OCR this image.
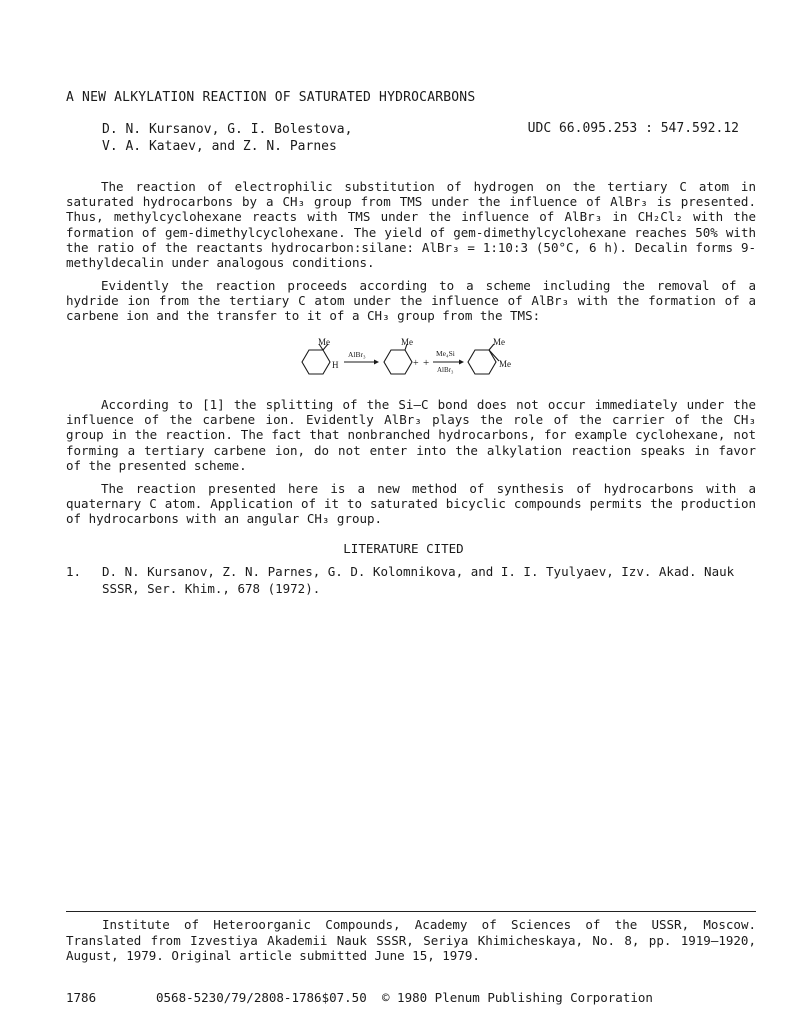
A NEW ALKYLATION REACTION OF SATURATED HYDROCARBONS
D. N. Kursanov, G. I. Bolestova,
V. A. Kataev, and Z. N. Parnes
UDC 66.095.253 : 547.592.12
The reaction of electrophilic substitution of hydrogen on the tertiary C atom in saturated hydrocarbons by a CH₃ group from TMS under the influence of AlBr₃ is presented. Thus, methylcyclohexane reacts with TMS under the influence of AlBr₃ in CH₂Cl₂ with the formation of gem-dimethylcyclohexane. The yield of gem-dimethylcyclohexane reaches 50% with the ratio of the reactants hydrocarbon:silane: AlBr₃ = 1:10:3 (50°C, 6 h). Decalin forms 9-methyldecalin under analogous conditions.
Evidently the reaction proceeds according to a scheme including the removal of a hydride ion from the tertiary C atom under the influence of AlBr₃ with the formation of a carbene ion and the transfer to it of a CH₃ group from the TMS:
Me
H
AlBr₃
Me
+ +
Me₄Si
AlBr₃
Me
Me
According to [1] the splitting of the Si–C bond does not occur immediately under the influence of the carbene ion. Evidently AlBr₃ plays the role of the carrier of the CH₃ group in the reaction. The fact that nonbranched hydrocarbons, for example cyclohexane, not forming a tertiary carbene ion, do not enter into the alkylation reaction speaks in favor of the presented scheme.
The reaction presented here is a new method of synthesis of hydrocarbons with a quaternary C atom. Application of it to saturated bicyclic compounds permits the production of hydrocarbons with an angular CH₃ group.
LITERATURE CITED
1. D. N. Kursanov, Z. N. Parnes, G. D. Kolomnikova, and I. I. Tyulyaev, Izv. Akad. Nauk SSSR, Ser. Khim., 678 (1972).
Institute of Heteroorganic Compounds, Academy of Sciences of the USSR, Moscow. Translated from Izvestiya Akademii Nauk SSSR, Seriya Khimicheskaya, No. 8, pp. 1919–1920, August, 1979. Original article submitted June 15, 1979.
1786	0568-5230/79/2808-1786$07.50 © 1980 Plenum Publishing Corporation
